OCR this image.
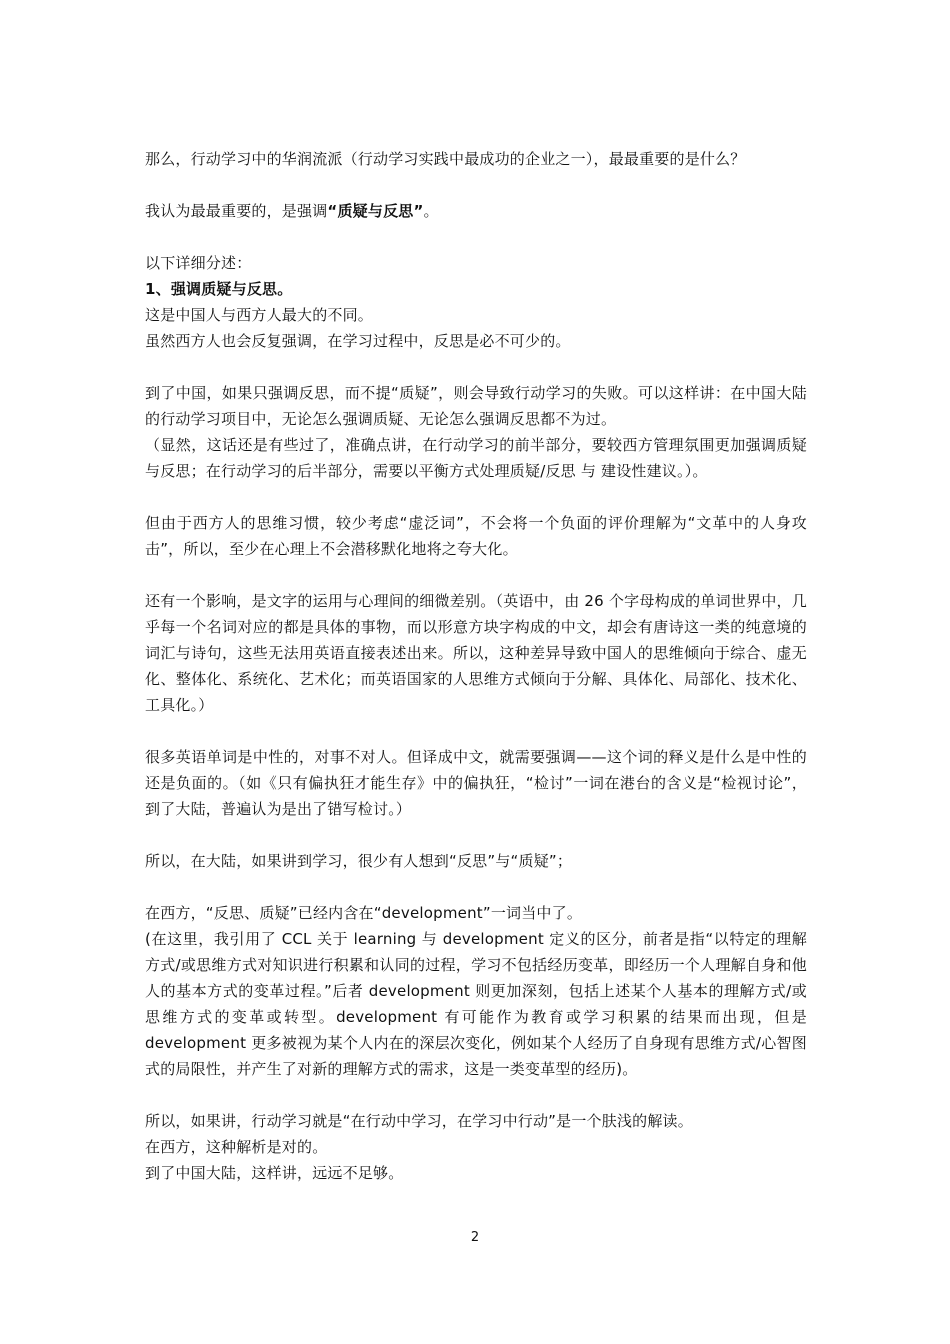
那么，行动学习中的华润流派（行动学习实践中最成功的企业之一），最最重要的是什么？

我认为最最重要的，是强调“质疑与反思”。

以下详细分述：

1、强调质疑与反思。

这是中国人与西方人最大的不同。

虽然西方人也会反复强调，在学习过程中，反思是必不可少的。

到了中国，如果只强调反思，而不提“质疑”，则会导致行动学习的失败。可以这样讲：在中国大陆的行动学习项目中，无论怎么强调质疑、无论怎么强调反思都不为过。

（显然，这话还是有些过了，准确点讲，在行动学习的前半部分，要较西方管理氛围更加强调质疑与反思；在行动学习的后半部分，需要以平衡方式处理质疑/反思 与 建设性建议。）。

但由于西方人的思维习惯，较少考虑“虚泛词”，不会将一个负面的评价理解为“文革中的人身攻击”，所以，至少在心理上不会潜移默化地将之夸大化。

还有一个影响，是文字的运用与心理间的细微差别。（英语中，由 26 个字母构成的单词世界中，几乎每一个名词对应的都是具体的事物，而以形意方块字构成的中文，却会有唐诗这一类的纯意境的词汇与诗句，这些无法用英语直接表述出来。所以，这种差异导致中国人的思维倾向于综合、虚无化、整体化、系统化、艺术化；而英语国家的人思维方式倾向于分解、具体化、局部化、技术化、工具化。）

很多英语单词是中性的，对事不对人。但译成中文，就需要强调——这个词的释义是什么是中性的还是负面的。（如《只有偏执狂才能生存》中的偏执狂，“检讨”一词在港台的含义是“检视讨论”，到了大陆，普遍认为是出了错写检讨。）

所以，在大陆，如果讲到学习，很少有人想到“反思”与“质疑”；

在西方，“反思、质疑”已经内含在“development”一词当中了。

(在这里，我引用了 CCL 关于 learning 与 development 定义的区分，前者是指“以特定的理解方式/或思维方式对知识进行积累和认同的过程，学习不包括经历变革，即经历一个人理解自身和他人的基本方式的变革过程。”后者 development 则更加深刻，包括上述某个人基本的理解方式/或思维方式的变革或转型。development 有可能作为教育或学习积累的结果而出现，但是 development 更多被视为某个人内在的深层次变化，例如某个人经历了自身现有思维方式/心智图式的局限性，并产生了对新的理解方式的需求，这是一类变革型的经历)。

所以，如果讲，行动学习就是“在行动中学习，在学习中行动”是一个肤浅的解读。

在西方，这种解析是对的。

到了中国大陆，这样讲，远远不足够。

2
